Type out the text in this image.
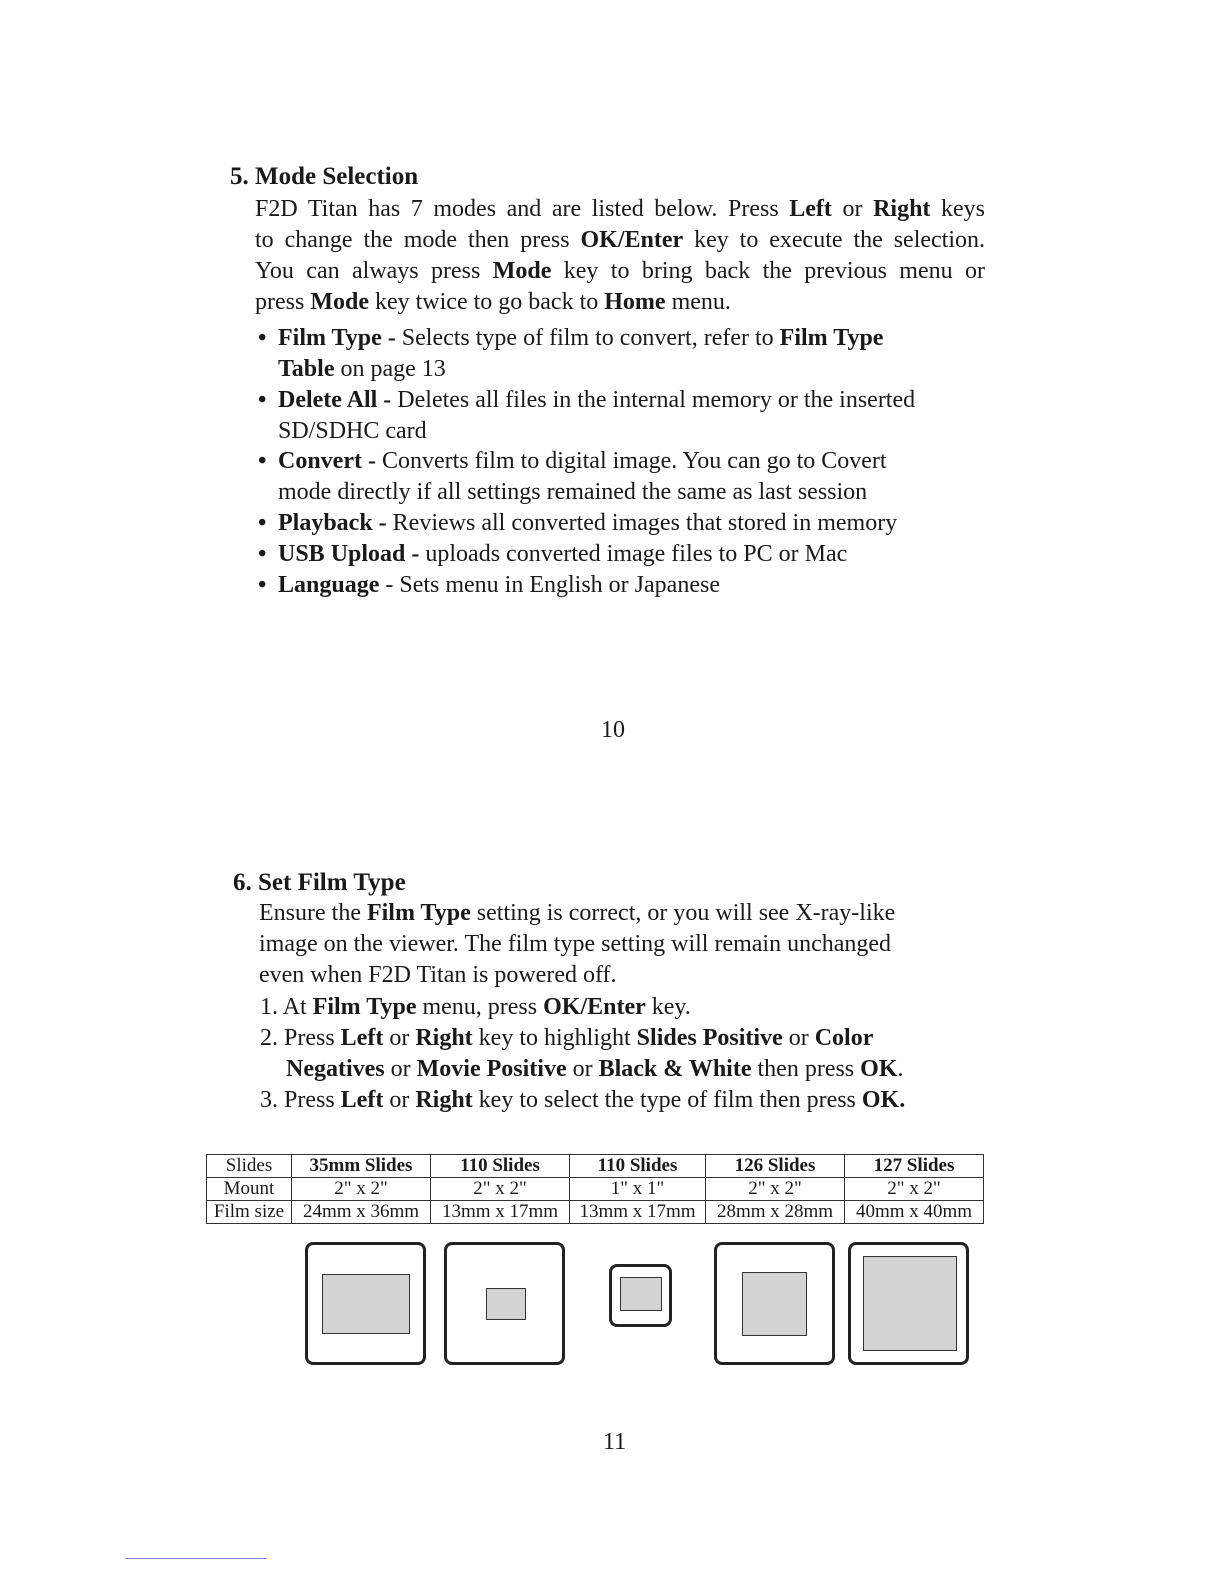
5. Mode Selection
F2D Titan has 7 modes and are listed below. Press Left or Right keys
to change the mode then press OK/Enter key to execute the selection.
You can always press Mode key to bring back the previous menu or
press Mode key twice to go back to Home menu.
• Film Type - Selects type of film to convert, refer to Film Type
Table on page 13
• Delete All - Deletes all files in the internal memory or the inserted
SD/SDHC card
• Convert - Converts film to digital image. You can go to Covert
mode directly if all settings remained the same as last session
• Playback - Reviews all converted images that stored in memory
• USB Upload - uploads converted image files to PC or Mac
• Language - Sets menu in English or Japanese
10
6. Set Film Type
Ensure the Film Type setting is correct, or you will see X-ray-like
image on the viewer. The film type setting will remain unchanged
even when F2D Titan is powered off.
1. At Film Type menu, press OK/Enter key.
2. Press Left or Right key to highlight Slides Positive or Color
Negatives or Movie Positive or Black & White then press OK.
3. Press Left or Right key to select the type of film then press OK.
Slides	35mm Slides	110 Slides	110 Slides	126 Slides	127 Slides
Mount	2" x 2"	2" x 2"	1" x 1"	2" x 2"	2" x 2"
Film size	24mm x 36mm	13mm x 17mm	13mm x 17mm	28mm x 28mm	40mm x 40mm
11
